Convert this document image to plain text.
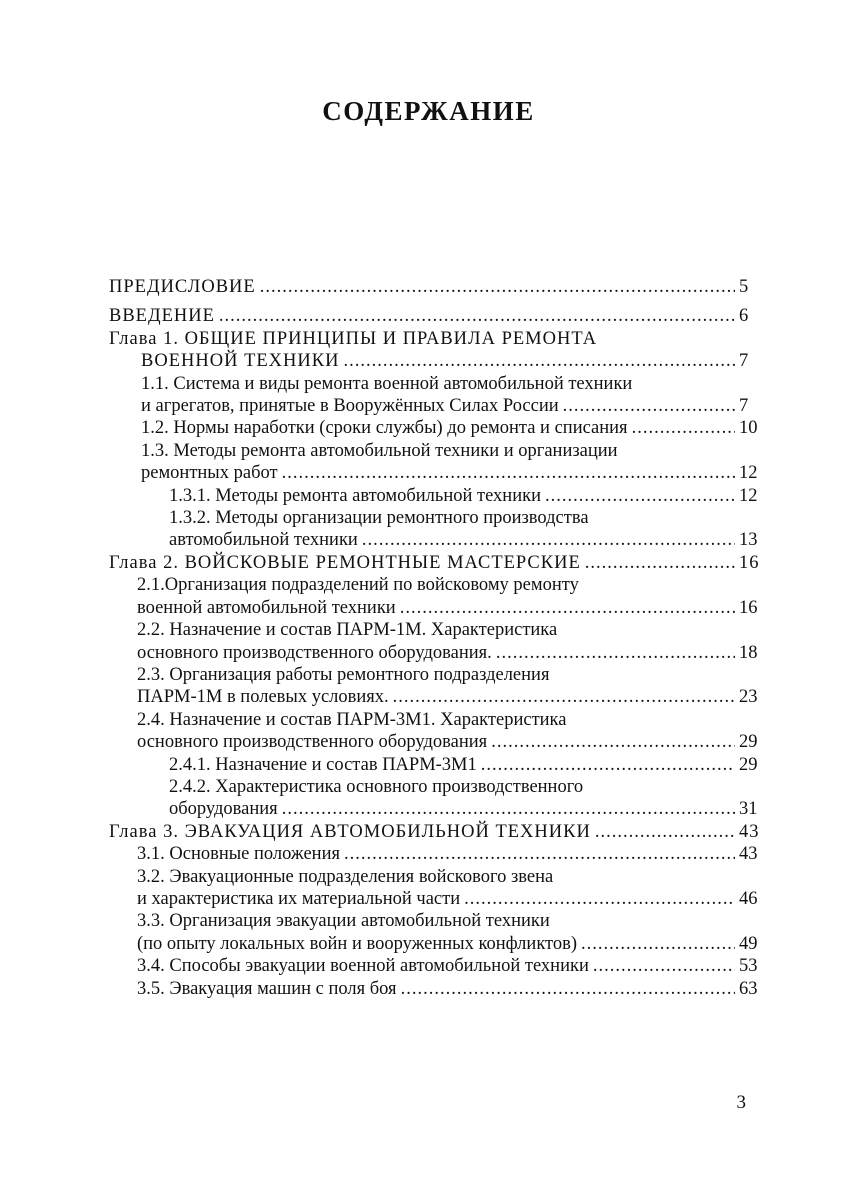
СОДЕРЖАНИЕ
ПРЕДИСЛОВИЕ .....	5
ВВЕДЕНИЕ .....	6
Глава 1. ОБЩИЕ ПРИНЦИПЫ И ПРАВИЛА РЕМОНТА
ВОЕННОЙ ТЕХНИКИ .....	7
1.1. Система и виды ремонта военной автомобильной техники
и агрегатов, принятые в Вооружённых Силах России .....	7
1.2. Нормы наработки (сроки службы) до ремонта и списания .....	10
1.3. Методы ремонта автомобильной техники и организации
ремонтных работ .....	12
1.3.1. Методы ремонта автомобильной техники .....	12
1.3.2. Методы организации ремонтного производства
автомобильной техники .....	13
Глава 2. ВОЙСКОВЫЕ РЕМОНТНЫЕ МАСТЕРСКИЕ .....	16
2.1.Организация подразделений по войсковому ремонту
военной автомобильной техники .....	16
2.2. Назначение и состав ПАРМ-1М. Характеристика
основного производственного оборудования. .....	18
2.3. Организация работы ремонтного подразделения
ПАРМ-1М в полевых условиях. .....	23
2.4. Назначение и состав ПАРМ-3М1. Характеристика
основного производственного оборудования .....	29
2.4.1. Назначение и состав ПАРМ-3М1 .....	29
2.4.2. Характеристика основного производственного
оборудования .....	31
Глава 3. ЭВАКУАЦИЯ АВТОМОБИЛЬНОЙ ТЕХНИКИ .....	43
3.1. Основные положения .....	43
3.2. Эвакуационные подразделения войскового звена
и характеристика их материальной части .....	46
3.3. Организация эвакуации автомобильной техники
(по опыту локальных войн и вооруженных конфликтов) .....	49
3.4. Способы эвакуации военной автомобильной техники .....	53
3.5. Эвакуация машин с поля боя .....	63

3
